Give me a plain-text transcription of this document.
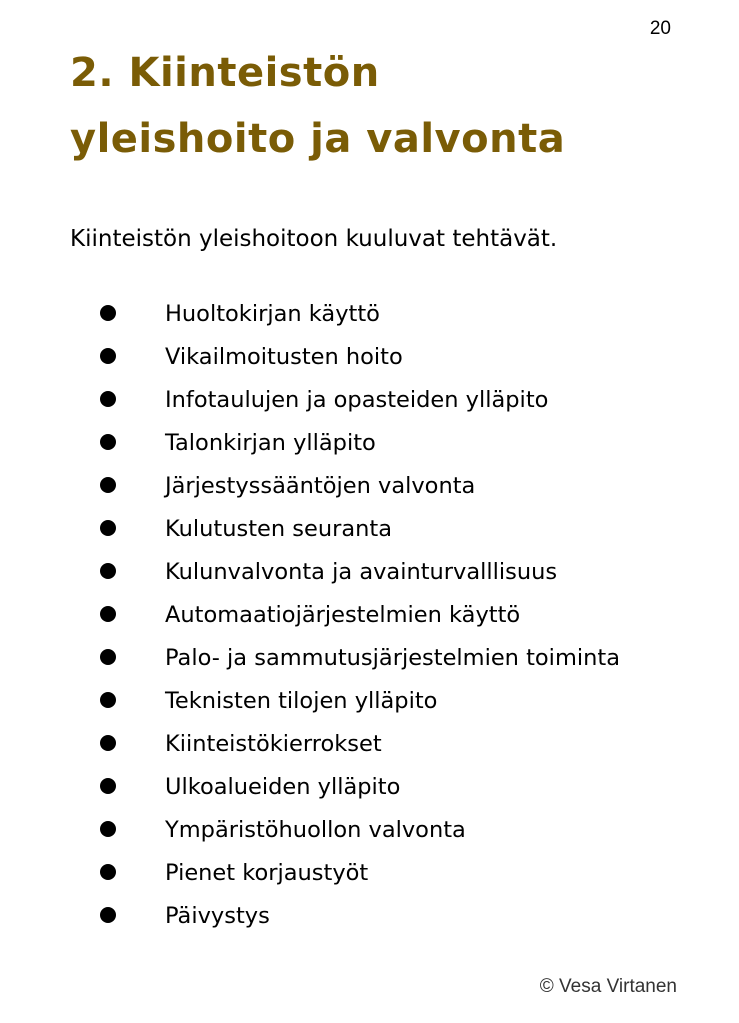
20
2. Kiinteistön
yleishoito ja valvonta

Kiinteistön yleishoitoon kuuluvat tehtävät.

Huoltokirjan käyttö
Vikailmoitusten hoito
Infotaulujen ja opasteiden ylläpito
Talonkirjan ylläpito
Järjestyssääntöjen valvonta
Kulutusten seuranta
Kulunvalvonta ja avainturvalllisuus
Automaatiojärjestelmien käyttö
Palo- ja sammutusjärjestelmien toiminta
Teknisten tilojen ylläpito
Kiinteistökierrokset
Ulkoalueiden ylläpito
Ympäristöhuollon valvonta
Pienet korjaustyöt
Päivystys
© Vesa Virtanen
